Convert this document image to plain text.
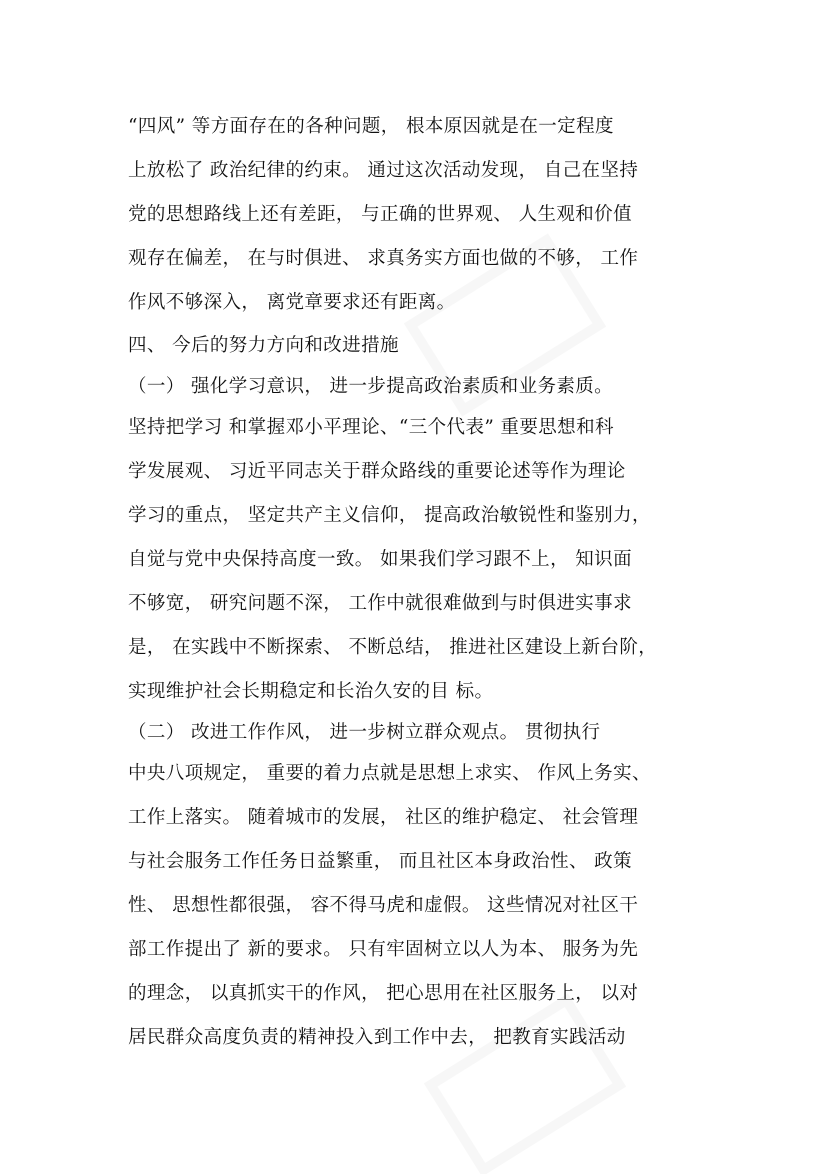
“四风” 等方面存在的各种问题， 根本原因就是在一定程度
上放松了 政治纪律的约束。 通过这次活动发现， 自己在坚持
党的思想路线上还有差距， 与正确的世界观、 人生观和价值
观存在偏差， 在与时俱进、 求真务实方面也做的不够， 工作
作风不够深入， 离党章要求还有距离。
四、 今后的努力方向和改进措施
（一） 强化学习意识， 进一步提高政治素质和业务素质。
坚持把学习 和掌握邓小平理论、“三个代表” 重要思想和科
学发展观、 习近平同志关于群众路线的重要论述等作为理论
学习的重点， 坚定共产主义信仰， 提高政治敏锐性和鉴别力，
自觉与党中央保持高度一致。 如果我们学习跟不上， 知识面
不够宽， 研究问题不深， 工作中就很难做到与时俱进实事求
是， 在实践中不断探索、 不断总结， 推进社区建设上新台阶，
实现维护社会长期稳定和长治久安的目 标。
（二） 改进工作作风， 进一步树立群众观点。 贯彻执行
中央八项规定， 重要的着力点就是思想上求实、 作风上务实、
工作上落实。 随着城市的发展， 社区的维护稳定、 社会管理
与社会服务工作任务日益繁重， 而且社区本身政治性、 政策
性、 思想性都很强， 容不得马虎和虚假。 这些情况对社区干
部工作提出了 新的要求。 只有牢固树立以人为本、 服务为先
的理念， 以真抓实干的作风， 把心思用在社区服务上， 以对
居民群众高度负责的精神投入到工作中去， 把教育实践活动
